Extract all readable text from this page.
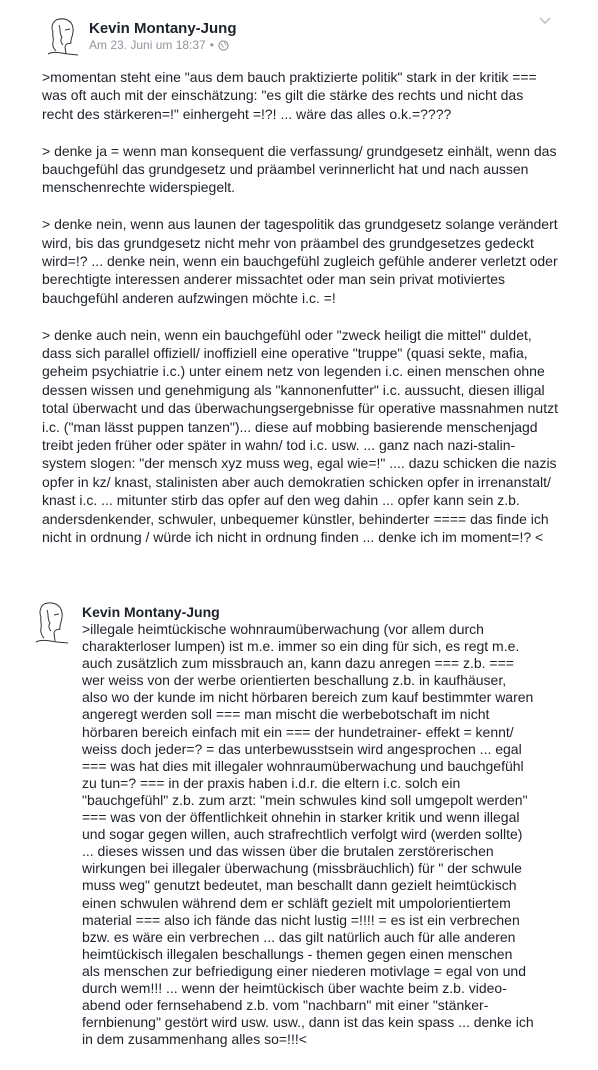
Kevin Montany-Jung
Am 23. Juni um 18:37 •

>momentan steht eine "aus dem bauch praktizierte politik" stark in der kritik === was oft auch mit der einschätzung: "es gilt die stärke des rechts und nicht das recht des stärkeren=!" einhergeht =!?! ... wäre das alles o.k.=????

> denke ja = wenn man konsequent die verfassung/ grundgesetz einhält, wenn das bauchgefühl das grundgesetz und präambel verinnerlicht hat und nach aussen menschenrechte widerspiegelt.

> denke nein, wenn aus launen der tagespolitik das grundgesetz solange verändert wird, bis das grundgesetz nicht mehr von präambel des grundgesetzes gedeckt wird=!? ... denke nein, wenn ein bauchgefühl zugleich gefühle anderer verletzt oder berechtigte interessen anderer missachtet oder man sein privat motiviertes bauchgefühl anderen aufzwingen möchte i.c. =!

> denke auch nein, wenn ein bauchgefühl oder "zweck heiligt die mittel" duldet, dass sich parallel offiziell/ inoffiziell eine operative "truppe" (quasi sekte, mafia, geheim psychiatrie i.c.) unter einem netz von legenden i.c. einen menschen ohne dessen wissen und genehmigung als "kannonenfutter" i.c. aussucht, diesen illigal total überwacht und das überwachungsergebnisse für operative massnahmen nutzt i.c. ("man lässt puppen tanzen")... diese auf mobbing basierende menschenjagd treibt jeden früher oder später in wahn/ tod i.c. usw. ... ganz nach nazi-stalin-system slogen: "der mensch xyz muss weg, egal wie=!" .... dazu schicken die nazis opfer in kz/ knast, stalinisten aber auch demokratien schicken opfer in irrenanstalt/ knast i.c. ... mitunter stirb das opfer auf den weg dahin ... opfer kann sein z.b. andersdenkender, schwuler, unbequemer künstler, behinderter ==== das finde ich nicht in ordnung / würde ich nicht in ordnung finden ... denke ich im moment=!? <

Kevin Montany-Jung
>illegale heimtückische wohnraumüberwachung (vor allem durch charakterloser lumpen) ist m.e. immer so ein ding für sich, es regt m.e. auch zusätzlich zum missbrauch an, kann dazu anregen === z.b. === wer weiss von der werbe orientierten beschallung z.b. in kaufhäuser, also wo der kunde im nicht hörbaren bereich zum kauf bestimmter waren angeregt werden soll === man mischt die werbebotschaft im nicht hörbaren bereich einfach mit ein === der hundetrainer- effekt = kennt/ weiss doch jeder=? = das unterbewusstsein wird angesprochen ... egal === was hat dies mit illegaler wohnraumüberwachung und bauchgefühl zu tun=? === in der praxis haben i.d.r. die eltern i.c. solch ein "bauchgefühl" z.b. zum arzt: "mein schwules kind soll umgepolt werden" === was von der öffentlichkeit ohnehin in starker kritik und wenn illegal und sogar gegen willen, auch strafrechtlich verfolgt wird (werden sollte) ... dieses wissen und das wissen über die brutalen zerstörerischen wirkungen bei illegaler überwachung (missbräuchlich) für " der schwule muss weg" genutzt bedeutet, man beschallt dann gezielt heimtückisch einen schwulen während dem er schläft gezielt mit umpolorientiertem material === also ich fände das nicht lustig =!!!! = es ist ein verbrechen bzw. es wäre ein verbrechen ... das gilt natürlich auch für alle anderen heimtückisch illegalen beschallungs - themen gegen einen menschen als menschen zur befriedigung einer niederen motivlage = egal von und durch wem!!! ... wenn der heimtückisch über wachte beim z.b. video-abend oder fernsehabend z.b. vom "nachbarn" mit einer "stänker-fernbienung" gestört wird usw. usw., dann ist das kein spass ... denke ich in dem zusammenhang alles so=!!!<
